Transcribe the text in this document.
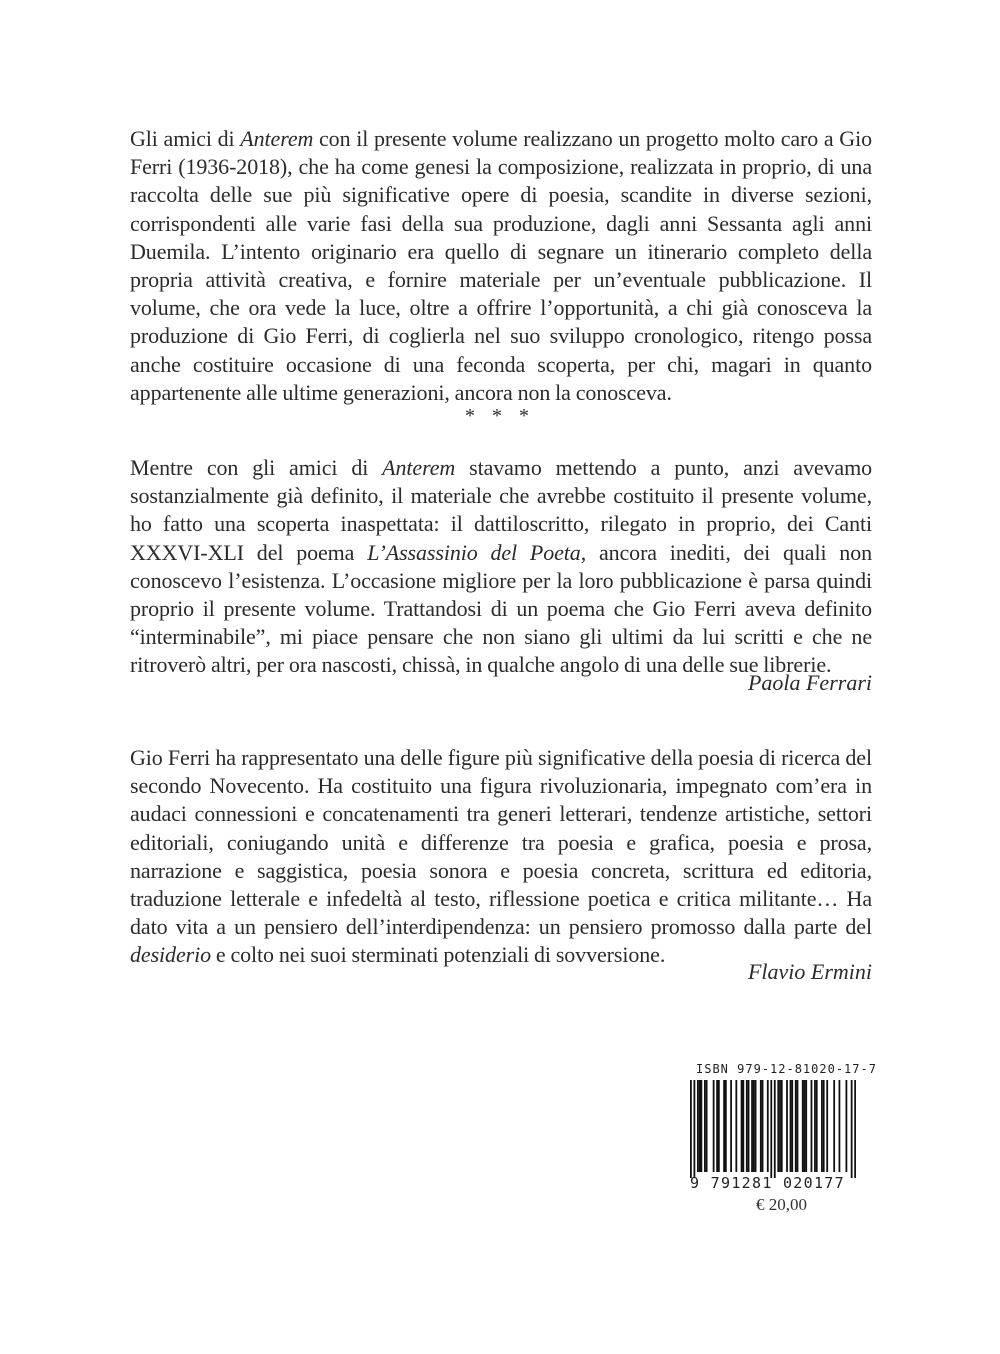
Gli amici di Anterem con il presente volume realizzano un progetto molto caro a Gio Ferri (1936-2018), che ha come genesi la composizione, realizzata in proprio, di una raccolta delle sue più significative opere di poesia, scandite in diverse sezioni, corrispondenti alle varie fasi della sua produzione, dagli anni Sessanta agli anni Duemila. L’intento originario era quello di segnare un itinerario completo della propria attività creativa, e fornire materiale per un’eventuale pubblicazione. Il volume, che ora vede la luce, oltre a offrire l’opportunità, a chi già conosceva la produzione di Gio Ferri, di coglierla nel suo sviluppo cronologico, ritengo possa anche costituire occasione di una feconda scoperta, per chi, magari in quanto appartenente alle ultime generazioni, ancora non la conosceva.

* * *

Mentre con gli amici di Anterem stavamo mettendo a punto, anzi avevamo sostanzialmente già definito, il materiale che avrebbe costituito il presente volume, ho fatto una scoperta inaspettata: il dattiloscritto, rilegato in proprio, dei Canti XXXVI-XLI del poema L’Assassinio del Poeta, ancora inediti, dei quali non conoscevo l’esistenza. L’occasione migliore per la loro pubblicazione è parsa quindi proprio il presente volume. Trattandosi di un poema che Gio Ferri aveva definito “interminabile”, mi piace pensare che non siano gli ultimi da lui scritti e che ne ritroverò altri, per ora nascosti, chissà, in qualche angolo di una delle sue librerie.

Paola Ferrari

Gio Ferri ha rappresentato una delle figure più significative della poesia di ricerca del secondo Novecento. Ha costituito una figura rivoluzionaria, impegnato com’era in audaci connessioni e concatenamenti tra generi letterari, tendenze artistiche, settori editoriali, coniugando unità e differenze tra poesia e grafica, poesia e prosa, narrazione e saggistica, poesia sonora e poesia concreta, scrittura ed editoria, traduzione letterale e infedeltà al testo, riflessione poetica e critica militante… Ha dato vita a un pensiero dell’interdipendenza: un pensiero promosso dalla parte del desiderio e colto nei suoi sterminati potenziali di sovversione.

Flavio Ermini
ISBN 979-12-81020-17-7
9 791281 020177
€ 20,00
